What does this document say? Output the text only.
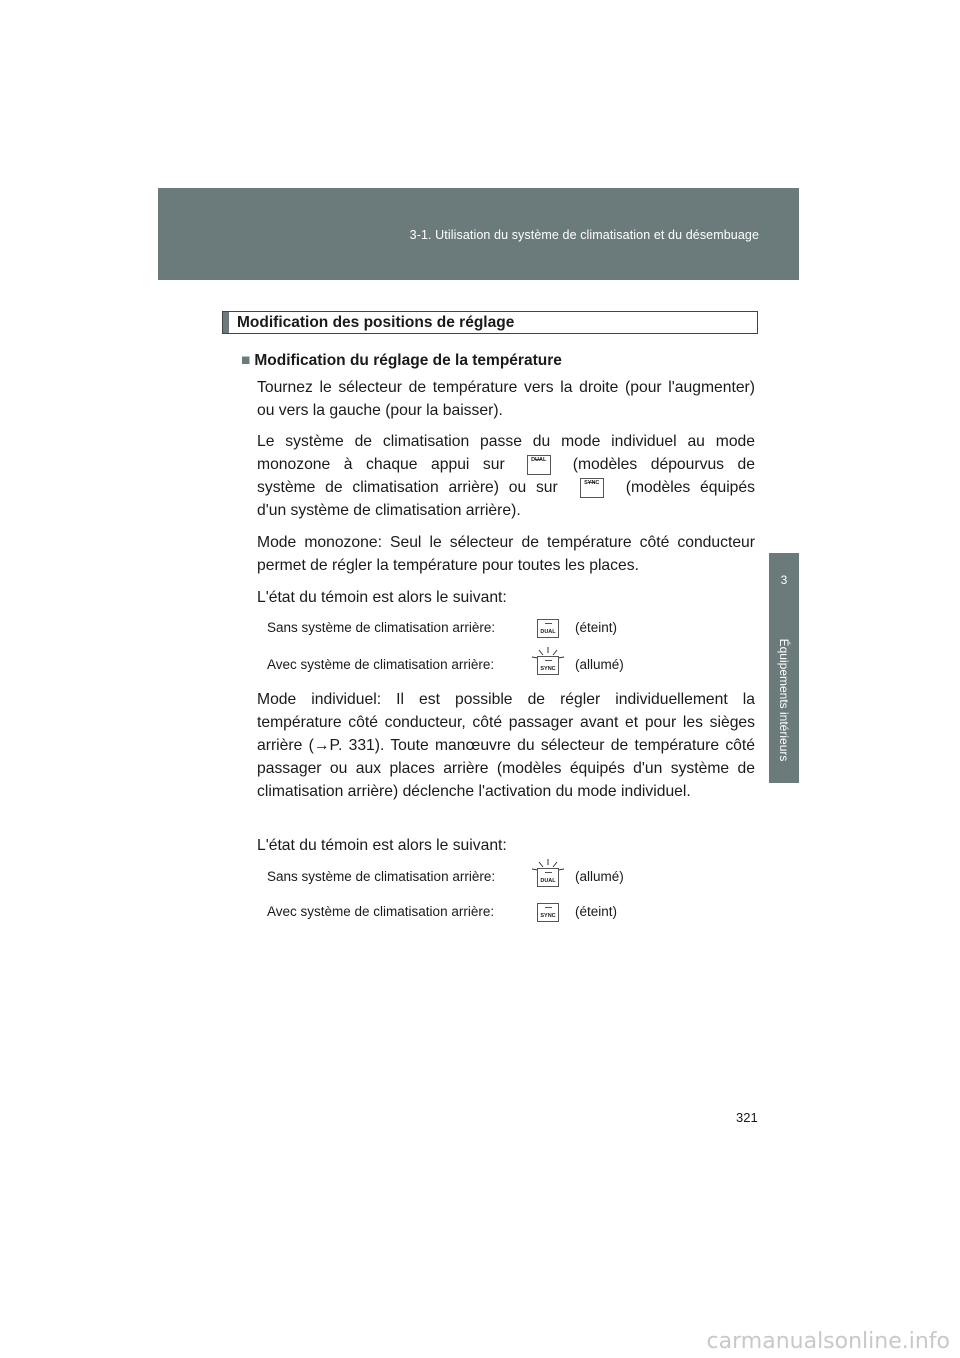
3-1. Utilisation du système de climatisation et du désembuage
3
Équipements intérieurs
Modification des positions de réglage
■ Modification du réglage de la température

Tournez le sélecteur de température vers la droite (pour l'augmenter) ou vers la gauche (pour la baisser).

Le système de climatisation passe du mode individuel au mode monozone à chaque appui sur	DUAL (modèles dépourvus de système de climatisation arrière) ou sur	SYNC (modèles équipés d'un système de climatisation arrière).

Mode monozone: Seul le sélecteur de température côté conducteur permet de régler la température pour toutes les places.

L'état du témoin est alors le suivant:

Sans système de climatisation arrière:	DUAL (éteint)
Avec système de climatisation arrière:	SYNC (allumé)

Mode individuel: Il est possible de régler individuellement la température côté conducteur, côté passager avant et pour les sièges arrière (→P. 331). Toute manœuvre du sélecteur de température côté passager ou aux places arrière (modèles équipés d'un système de climatisation arrière) déclenche l'activation du mode individuel.

L'état du témoin est alors le suivant:

Sans système de climatisation arrière:	DUAL (allumé)
Avec système de climatisation arrière:	SYNC (éteint)
321
carmanualsonline.info
